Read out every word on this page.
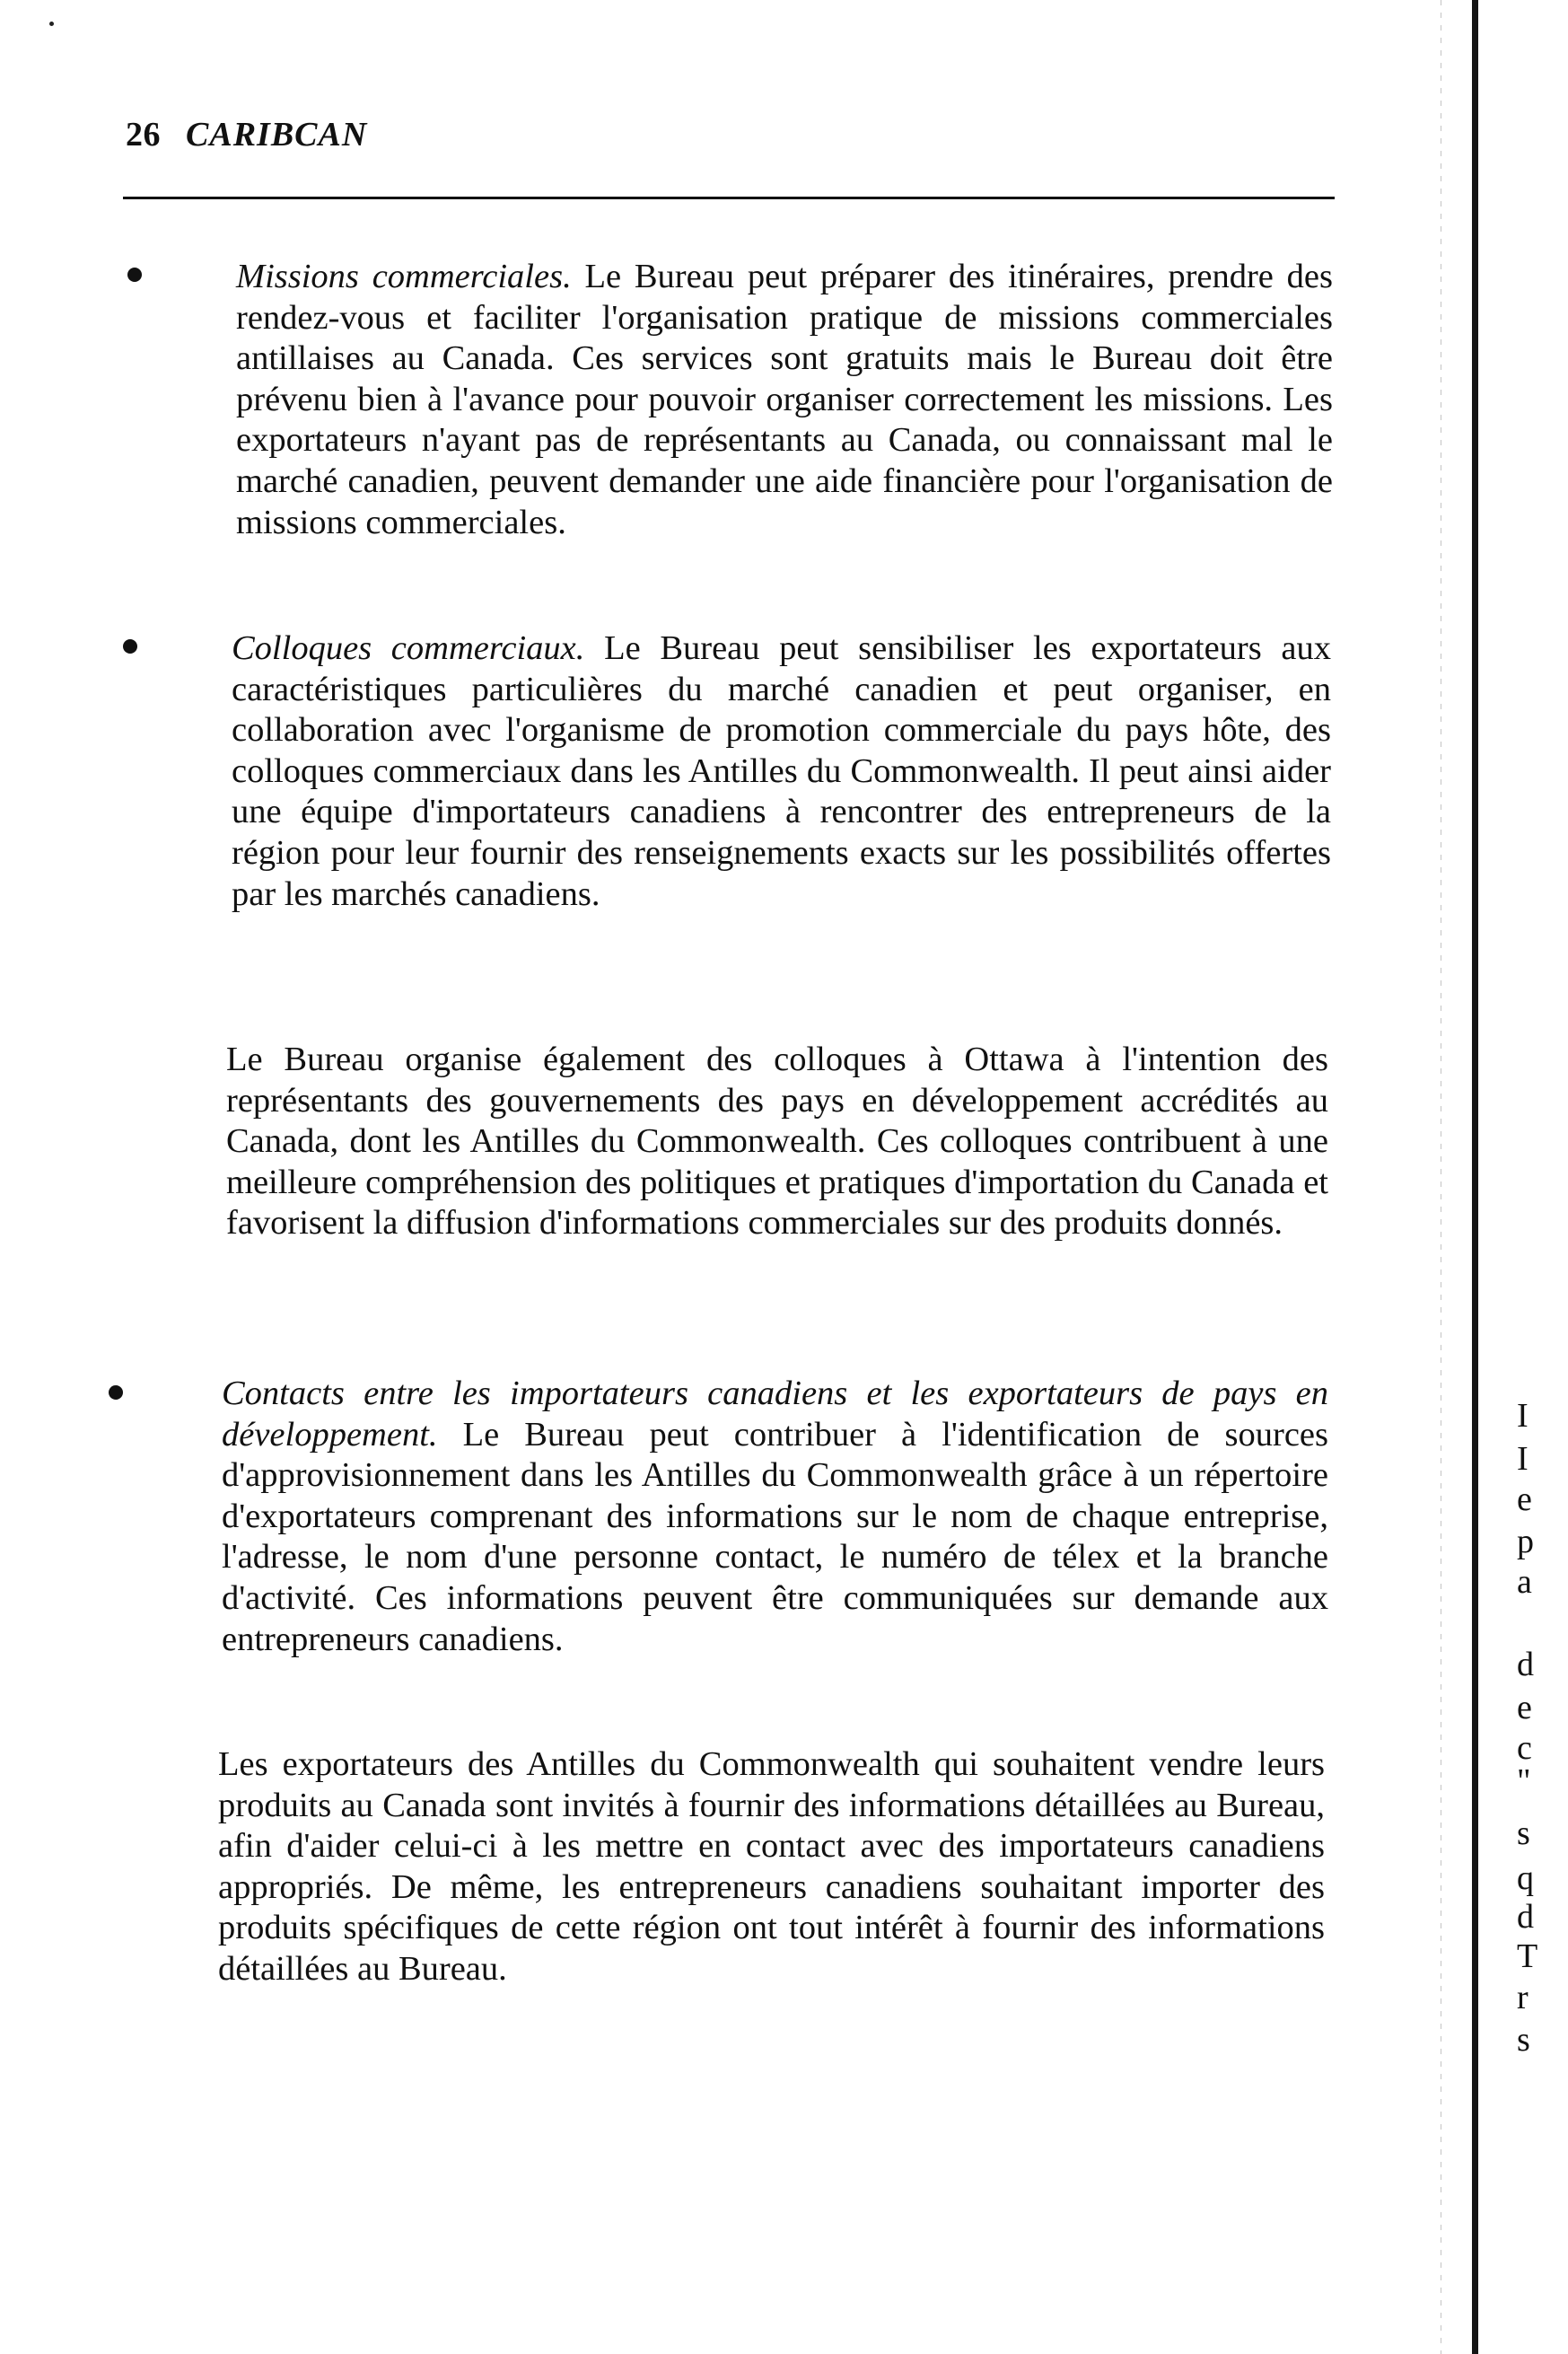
26 CARIBCAN
Missions commerciales. Le Bureau peut préparer des itinéraires, prendre des rendez-vous et faciliter l'organisation pratique de missions commerciales antillaises au Canada. Ces services sont gratuits mais le Bureau doit être prévenu bien à l'avance pour pouvoir organiser correctement les missions. Les exportateurs n'ayant pas de représentants au Canada, ou connaissant mal le marché canadien, peuvent demander une aide financière pour l'organisation de missions commerciales.
Colloques commerciaux. Le Bureau peut sensibiliser les exportateurs aux caractéristiques particulières du marché canadien et peut organiser, en collaboration avec l'organisme de promotion commerciale du pays hôte, des colloques commerciaux dans les Antilles du Commonwealth. Il peut ainsi aider une équipe d'importateurs canadiens à rencontrer des entrepreneurs de la région pour leur fournir des renseignements exacts sur les possibilités offertes par les marchés canadiens.
Le Bureau organise également des colloques à Ottawa à l'intention des représentants des gouvernements des pays en développement accrédités au Canada, dont les Antilles du Commonwealth. Ces colloques contribuent à une meilleure compréhension des politiques et pratiques d'importation du Canada et favorisent la diffusion d'informations commerciales sur des produits donnés.
Contacts entre les importateurs canadiens et les exportateurs de pays en développement. Le Bureau peut contribuer à l'identification de sources d'approvisionnement dans les Antilles du Commonwealth grâce à un répertoire d'exportateurs comprenant des informations sur le nom de chaque entreprise, l'adresse, le nom d'une personne contact, le numéro de télex et la branche d'activité. Ces informations peuvent être communiquées sur demande aux entrepreneurs canadiens.
Les exportateurs des Antilles du Commonwealth qui souhaitent vendre leurs produits au Canada sont invités à fournir des informations détaillées au Bureau, afin d'aider celui-ci à les mettre en contact avec des importateurs canadiens appropriés. De même, les entrepreneurs canadiens souhaitant importer des produits spécifiques de cette région ont tout intérêt à fournir des informations détaillées au Bureau.
I
I
e
p
a
d
e
c
"
s
q
d
T
r
s
